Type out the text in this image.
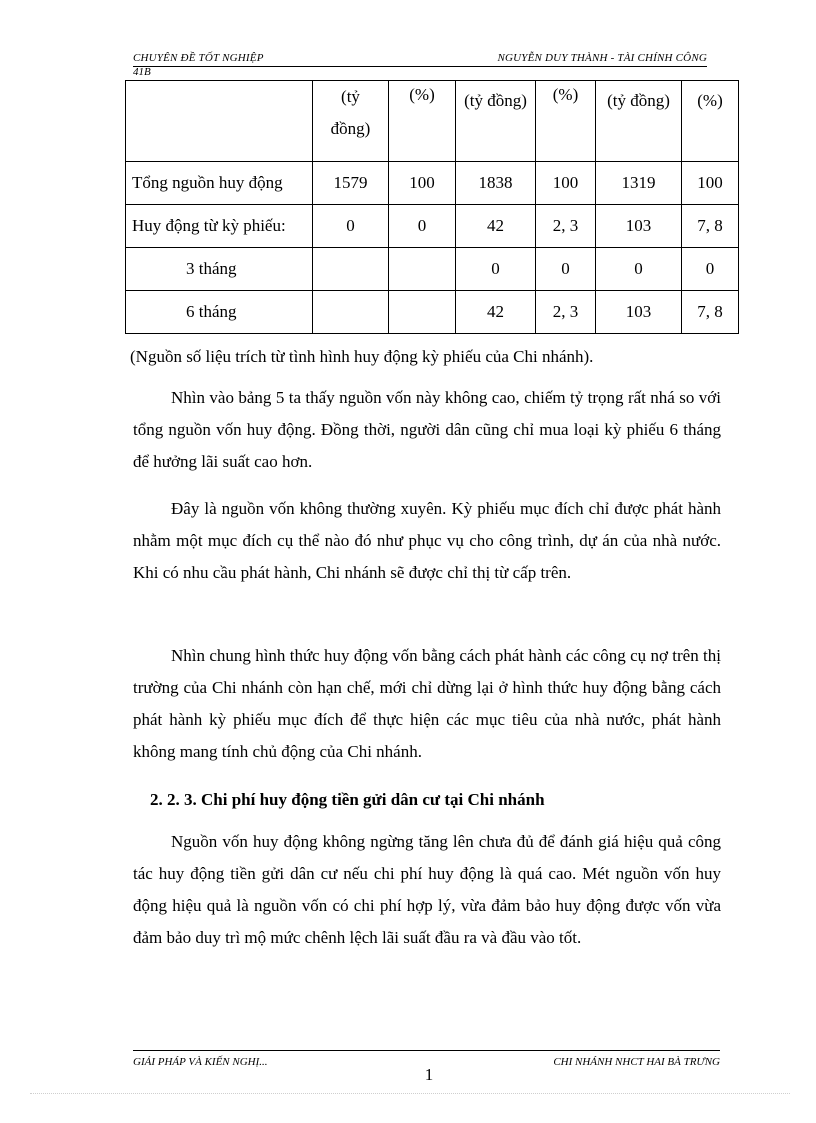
CHUYÊN ĐỀ TỐT NGHIỆP	NGUYỄN DUY THÀNH - TÀI CHÍNH CÔNG
41B
	(tỷ đồng)	(%)	(tỷ đồng)	(%)	(tỷ đồng)	(%)
Tổng nguồn huy động	1579	100	1838	100	1319	100
Huy động từ kỳ phiếu:	0	0	42	2, 3	103	7, 8
3 tháng			0	0	0	0
6 tháng			42	2, 3	103	7, 8
(Nguồn số liệu trích từ tình hình huy động kỳ phiếu của Chi nhánh).

Nhìn vào bảng 5 ta thấy nguồn vốn này không cao, chiếm tỷ trọng rất nhá so với tổng nguồn vốn huy động. Đồng thời, người dân cũng chỉ mua loại kỳ phiếu 6 tháng để hưởng lãi suất cao hơn.

Đây là nguồn vốn không thường xuyên. Kỳ phiếu mục đích chỉ được phát hành nhằm một mục đích cụ thể nào đó như phục vụ cho công trình, dự án của nhà nước. Khi có nhu cầu phát hành, Chi nhánh sẽ được chỉ thị từ cấp trên.

Nhìn chung hình thức huy động vốn bằng cách phát hành các công cụ nợ trên thị trường của Chi nhánh còn hạn chế, mới chỉ dừng lại ở hình thức huy động bằng cách phát hành kỳ phiếu mục đích để thực hiện các mục tiêu của nhà nước, phát hành không mang tính chủ động của Chi nhánh.

2. 2. 3. Chi phí huy động tiền gửi dân cư tại Chi nhánh

Nguồn vốn huy động không ngừng tăng lên chưa đủ để đánh giá hiệu quả công tác huy động tiền gửi dân cư nếu chi phí huy động là quá cao. Mét nguồn vốn huy động hiệu quả là nguồn vốn có chi phí hợp lý, vừa đảm bảo huy động được vốn vừa đảm bảo duy trì mộ mức chênh lệch lãi suất đầu ra và đầu vào tốt.

GIẢI PHÁP VÀ KIẾN NGHỊ...	CHI NHÁNH NHCT HAI BÀ TRƯNG
1
